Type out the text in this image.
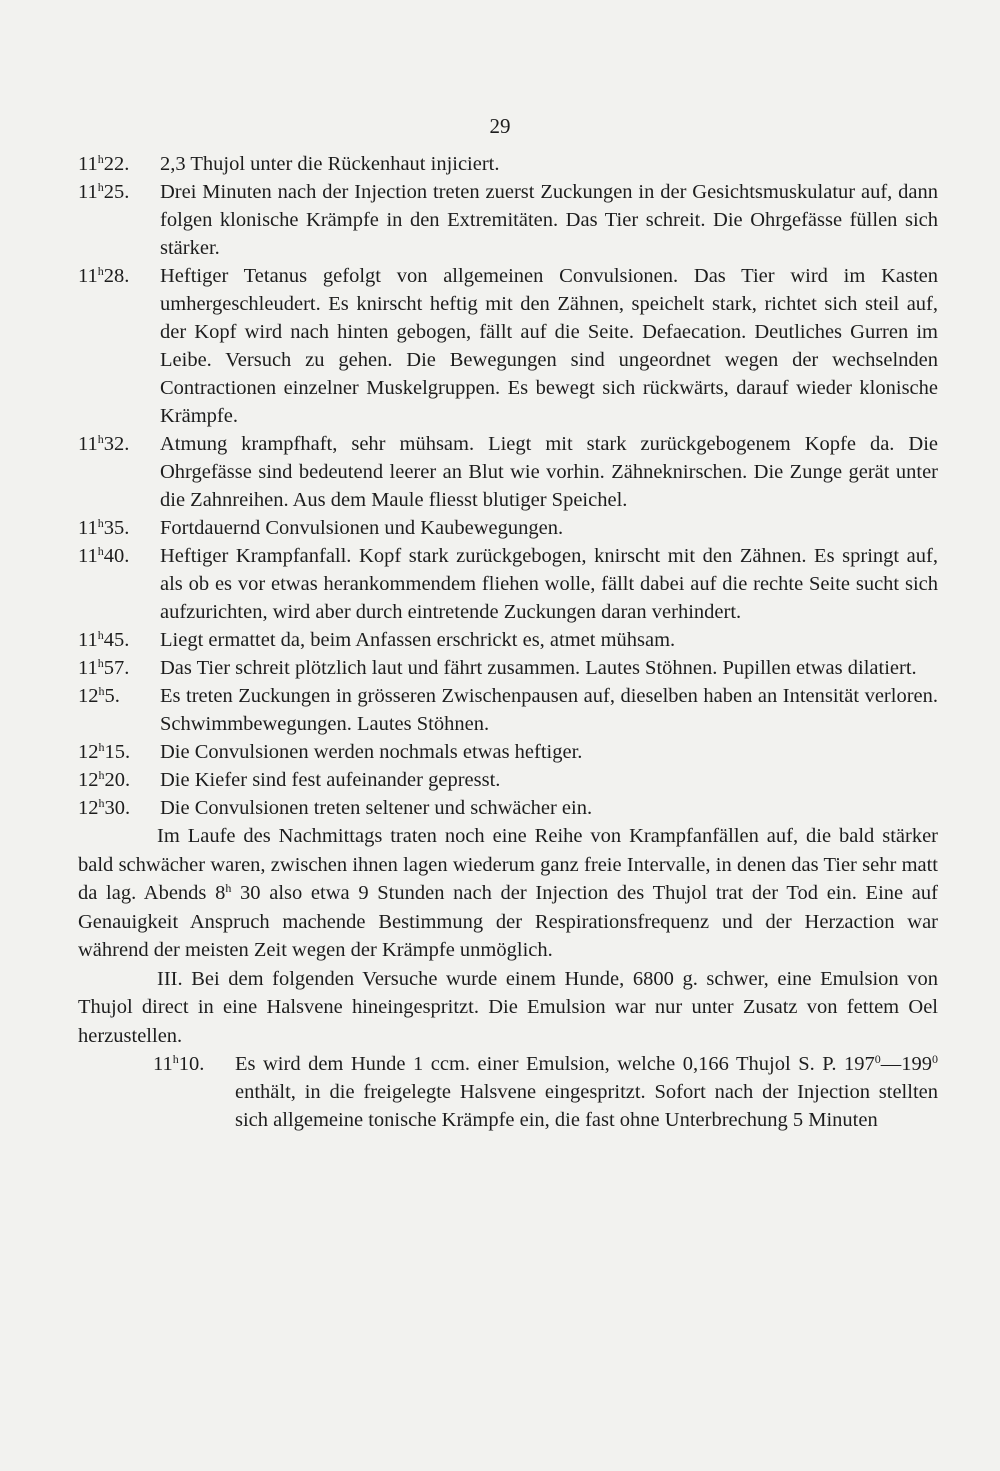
29
11$^h$22.	2,3 Thujol unter die Rückenhaut injiciert.
11$^h$25.	Drei Minuten nach der Injection treten zuerst Zuckungen in der Gesichtsmuskulatur auf, dann folgen klonische Krämpfe in den Extremitäten. Das Tier schreit. Die Ohrgefässe füllen sich stärker.
11$^h$28.	Heftiger Tetanus gefolgt von allgemeinen Convulsionen. Das Tier wird im Kasten umhergeschleudert. Es knirscht heftig mit den Zähnen, speichelt stark, richtet sich steil auf, der Kopf wird nach hinten gebogen, fällt auf die Seite. Defaecation. Deutliches Gurren im Leibe. Versuch zu gehen. Die Bewegungen sind ungeordnet wegen der wechselnden Contractionen einzelner Muskelgruppen. Es bewegt sich rückwärts, darauf wieder klonische Krämpfe.
11$^h$32.	Atmung krampfhaft, sehr mühsam. Liegt mit stark zurückgebogenem Kopfe da. Die Ohrgefässe sind bedeutend leerer an Blut wie vorhin. Zähneknirschen. Die Zunge gerät unter die Zahnreihen. Aus dem Maule fliesst blutiger Speichel.
11$^h$35.	Fortdauernd Convulsionen und Kaubewegungen.
11$^h$40.	Heftiger Krampfanfall. Kopf stark zurückgebogen, knirscht mit den Zähnen. Es springt auf, als ob es vor etwas herankommendem fliehen wolle, fällt dabei auf die rechte Seite sucht sich aufzurichten, wird aber durch eintretende Zuckungen daran verhindert.
11$^h$45.	Liegt ermattet da, beim Anfassen erschrickt es, atmet mühsam.
11$^h$57.	Das Tier schreit plötzlich laut und fährt zusammen. Lautes Stöhnen. Pupillen etwas dilatiert.
12$^h$5.	Es treten Zuckungen in grösseren Zwischenpausen auf, dieselben haben an Intensität verloren. Schwimmbewegungen. Lautes Stöhnen.
12$^h$15.	Die Convulsionen werden nochmals etwas heftiger.
12$^h$20.	Die Kiefer sind fest aufeinander gepresst.
12$^h$30.	Die Convulsionen treten seltener und schwächer ein.

Im Laufe des Nachmittags traten noch eine Reihe von Krampfanfällen auf, die bald stärker bald schwächer waren, zwischen ihnen lagen wiederum ganz freie Intervalle, in denen das Tier sehr matt da lag. Abends 8$^h$ 30 also etwa 9 Stunden nach der Injection des Thujol trat der Tod ein. Eine auf Genauigkeit Anspruch machende Bestimmung der Respirationsfrequenz und der Herzaction war während der meisten Zeit wegen der Krämpfe unmöglich.

III. Bei dem folgenden Versuche wurde einem Hunde, 6800 g. schwer, eine Emulsion von Thujol direct in eine Halsvene hineingespritzt. Die Emulsion war nur unter Zusatz von fettem Oel herzustellen.

11$^h$10.	Es wird dem Hunde 1 ccm. einer Emulsion, welche 0,166 Thujol S. P. $197^0—199^0$ enthält, in die freigelegte Halsvene eingespritzt. Sofort nach der Injection stellten sich allgemeine tonische Krämpfe ein, die fast ohne Unterbrechung 5 Minuten
